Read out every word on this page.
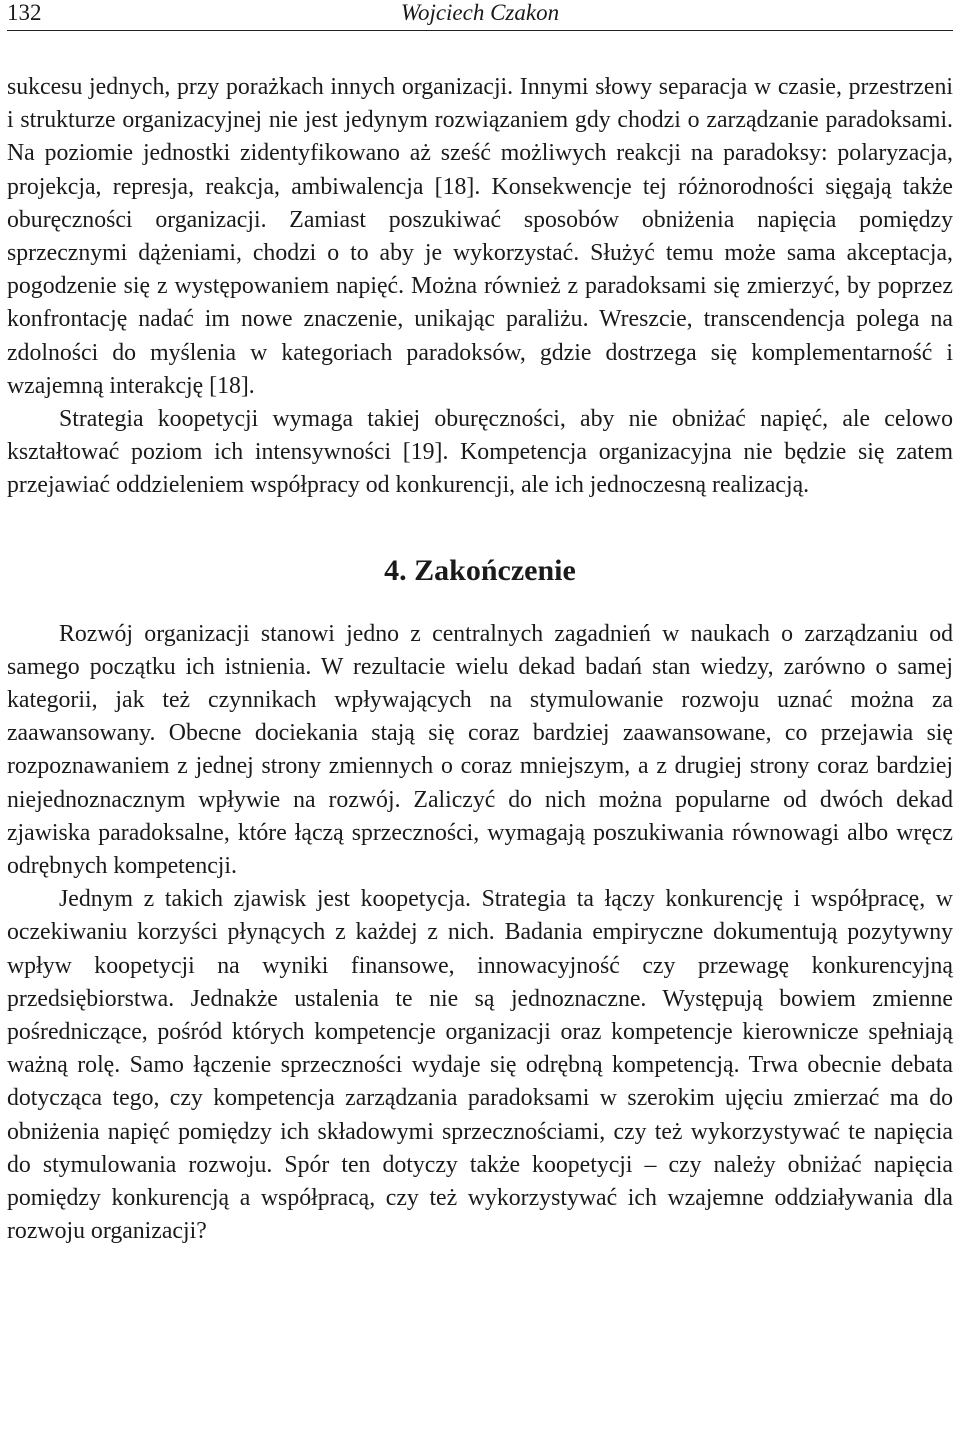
132	Wojciech Czakon

sukcesu jednych, przy porażkach innych organizacji. Innymi słowy separacja w czasie, przestrzeni i strukturze organizacyjnej nie jest jedynym rozwiązaniem gdy chodzi o zarządzanie paradoksami. Na poziomie jednostki zidentyfikowano aż sześć możliwych reakcji na paradoksy: polaryzacja, projekcja, represja, reakcja, ambiwalencja [18]. Konsekwencje tej różnorodności sięgają także oburęczności organizacji. Zamiast poszukiwać sposobów obniżenia napięcia pomiędzy sprzecznymi dążeniami, chodzi o to aby je wykorzystać. Służyć temu może sama akceptacja, pogodzenie się z występowaniem napięć. Można również z paradoksami się zmierzyć, by poprzez konfrontację nadać im nowe znaczenie, unikając paraliżu. Wreszcie, transcendencja polega na zdolności do myślenia w kategoriach paradoksów, gdzie dostrzega się komplementarność i wzajemną interakcję [18].

Strategia koopetycji wymaga takiej oburęczności, aby nie obniżać napięć, ale celowo kształtować poziom ich intensywności [19]. Kompetencja organizacyjna nie będzie się zatem przejawiać oddzieleniem współpracy od konkurencji, ale ich jednoczesną realizacją.

4. Zakończenie

Rozwój organizacji stanowi jedno z centralnych zagadnień w naukach o zarządzaniu od samego początku ich istnienia. W rezultacie wielu dekad badań stan wiedzy, zarówno o samej kategorii, jak też czynnikach wpływających na stymulowanie rozwoju uznać można za zaawansowany. Obecne dociekania stają się coraz bardziej zaawansowane, co przejawia się rozpoznawaniem z jednej strony zmiennych o coraz mniejszym, a z drugiej strony coraz bardziej niejednoznacznym wpływie na rozwój. Zaliczyć do nich można popularne od dwóch dekad zjawiska paradoksalne, które łączą sprzeczności, wymagają poszukiwania równowagi albo wręcz odrębnych kompetencji.

Jednym z takich zjawisk jest koopetycja. Strategia ta łączy konkurencję i współpracę, w oczekiwaniu korzyści płynących z każdej z nich. Badania empiryczne dokumentują pozytywny wpływ koopetycji na wyniki finansowe, innowacyjność czy przewagę konkurencyjną przedsiębiorstwa. Jednakże ustalenia te nie są jednoznaczne. Występują bowiem zmienne pośredniczące, pośród których kompetencje organizacji oraz kompetencje kierownicze spełniają ważną rolę. Samo łączenie sprzeczności wydaje się odrębną kompetencją. Trwa obecnie debata dotycząca tego, czy kompetencja zarządzania paradoksami w szerokim ujęciu zmierzać ma do obniżenia napięć pomiędzy ich składowymi sprzecznościami, czy też wykorzystywać te napięcia do stymulowania rozwoju. Spór ten dotyczy także koopetycji – czy należy obniżać napięcia pomiędzy konkurencją a współpracą, czy też wykorzystywać ich wzajemne oddziaływania dla rozwoju organizacji?
